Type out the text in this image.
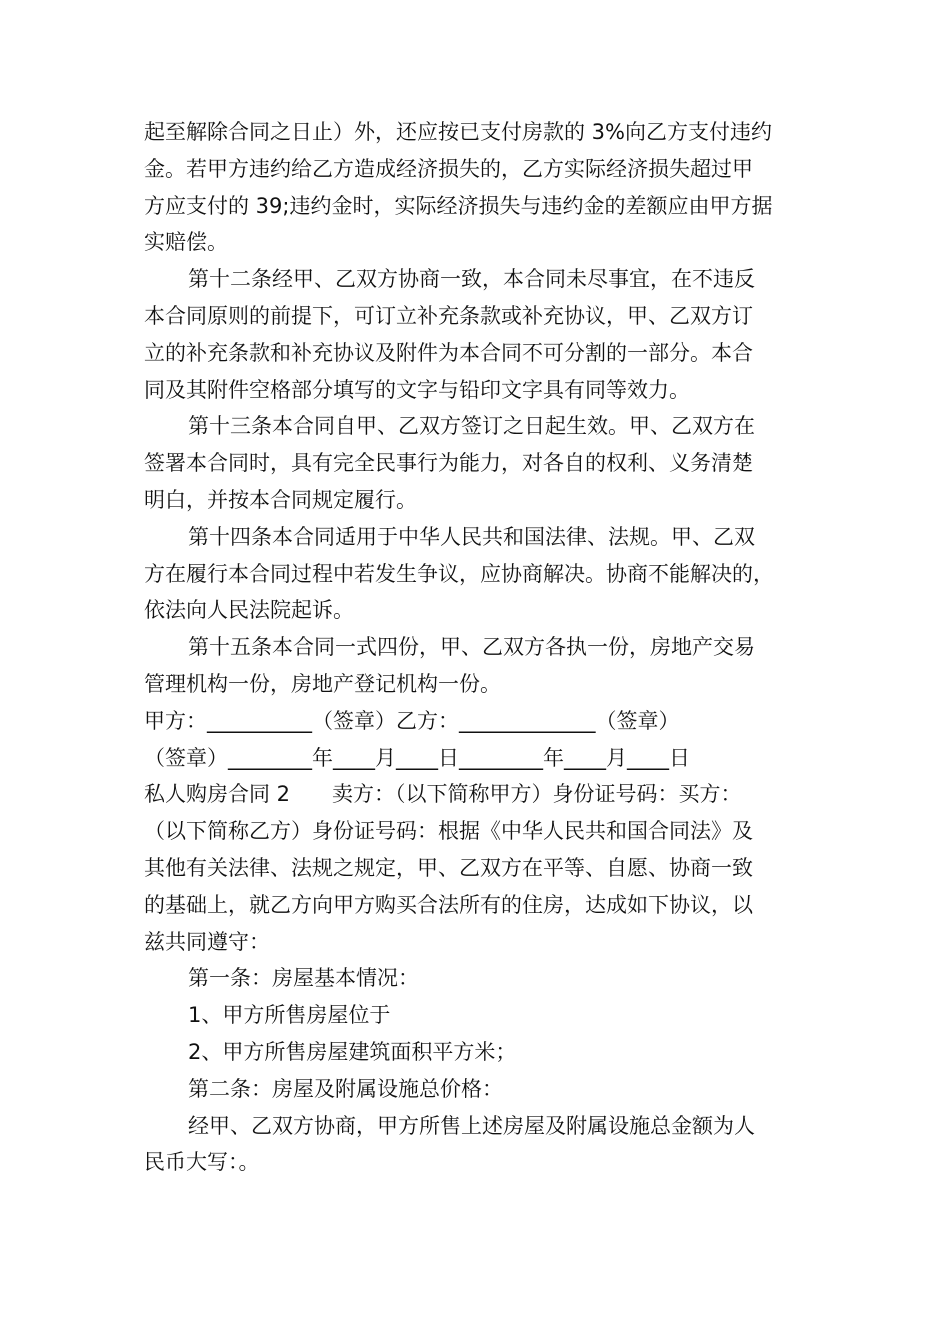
起至解除合同之日止）外，还应按已支付房款的 3%向乙方支付违约
金。若甲方违约给乙方造成经济损失的，乙方实际经济损失超过甲
方应支付的 39;违约金时，实际经济损失与违约金的差额应由甲方据
实赔偿。
第十二条经甲、乙双方协商一致，本合同未尽事宜，在不违反
本合同原则的前提下，可订立补充条款或补充协议，甲、乙双方订
立的补充条款和补充协议及附件为本合同不可分割的一部分。本合
同及其附件空格部分填写的文字与铅印文字具有同等效力。
第十三条本合同自甲、乙双方签订之日起生效。甲、乙双方在
签署本合同时，具有完全民事行为能力，对各自的权利、义务清楚
明白，并按本合同规定履行。
第十四条本合同适用于中华人民共和国法律、法规。甲、乙双
方在履行本合同过程中若发生争议，应协商解决。协商不能解决的，
依法向人民法院起诉。
第十五条本合同一式四份，甲、乙双方各执一份，房地产交易
管理机构一份，房地产登记机构一份。
甲方：__________（签章）乙方：_____________（签章）
（签章）________年____月____日________年____月____日
私人购房合同 2　　卖方：（以下简称甲方）身份证号码：买方：
（以下简称乙方）身份证号码：根据《中华人民共和国合同法》及
其他有关法律、法规之规定，甲、乙双方在平等、自愿、协商一致
的基础上，就乙方向甲方购买合法所有的住房，达成如下协议，以
兹共同遵守：
第一条：房屋基本情况：
1、甲方所售房屋位于
2、甲方所售房屋建筑面积平方米；
第二条：房屋及附属设施总价格：
经甲、乙双方协商，甲方所售上述房屋及附属设施总金额为人
民币大写：。
